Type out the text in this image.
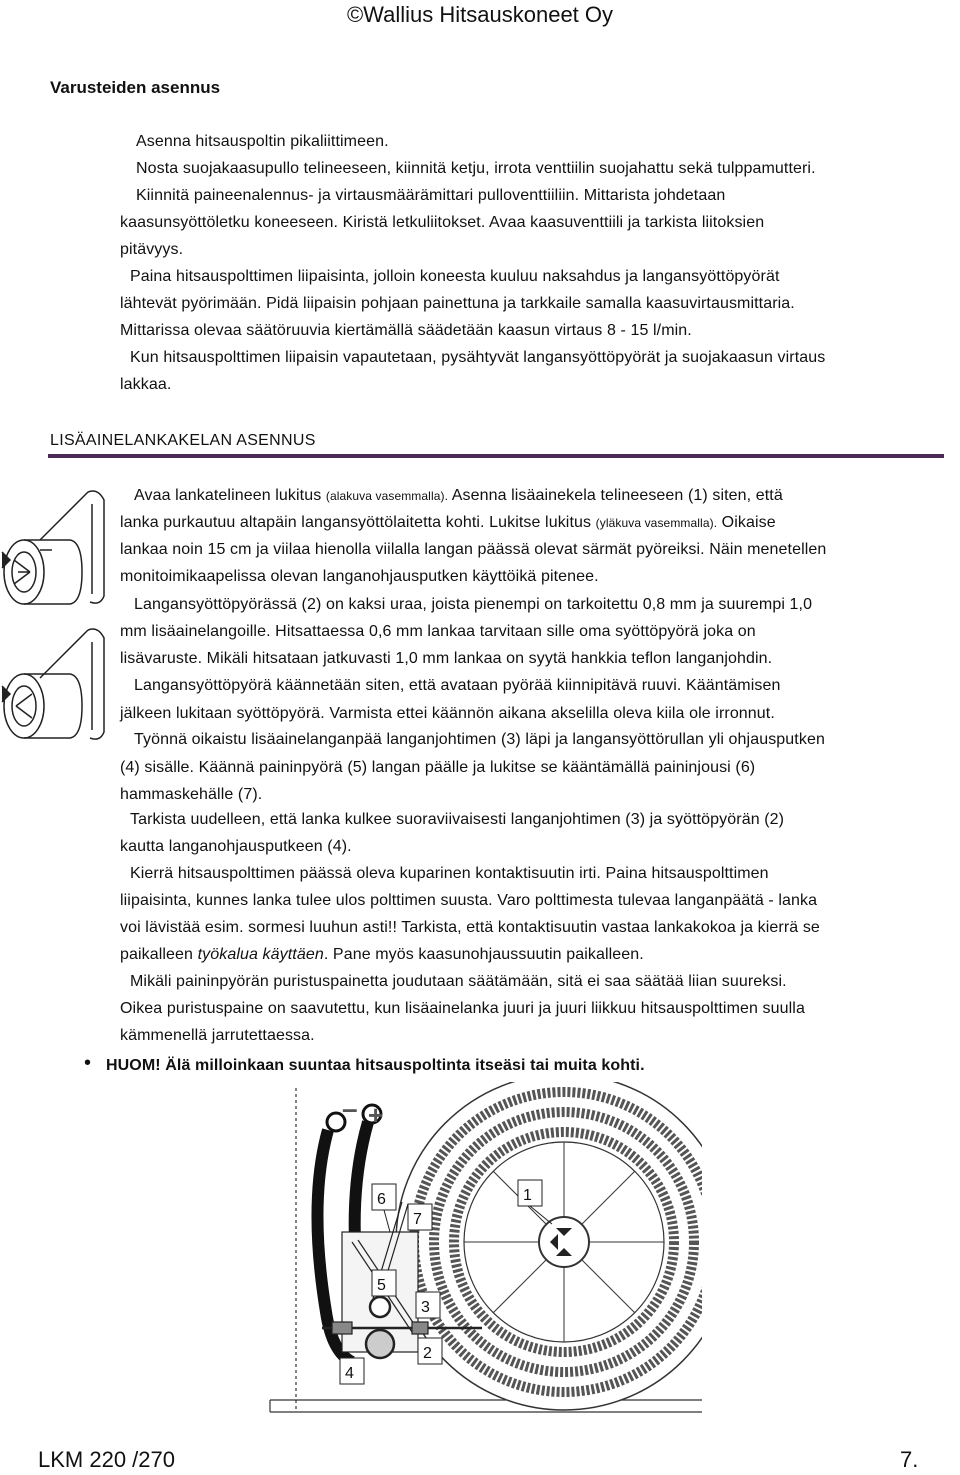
©Wallius Hitsauskoneet Oy
Varusteiden asennus
Asenna hitsauspoltin pikaliittimeen.
Nosta suojakaasupullo telineeseen, kiinnitä ketju, irrota venttiilin suojahattu sekä tulppamutteri.
Kiinnitä paineenalennus- ja virtausmäärämittari pulloventtiiliin. Mittarista johdetaan
kaasunsyöttöletku koneeseen. Kiristä letkuliitokset. Avaa kaasuventtiili ja tarkista liitoksien
pitävyys.
Paina hitsauspolttimen liipaisinta, jolloin koneesta kuuluu naksahdus ja langansyöttöpyörät
lähtevät pyörimään. Pidä liipaisin pohjaan painettuna ja tarkkaile samalla kaasuvirtausmittaria.
Mittarissa olevaa säätöruuvia kiertämällä säädetään kaasun virtaus 8 - 15 l/min.
Kun hitsauspolttimen liipaisin vapautetaan, pysähtyvät langansyöttöpyörät ja suojakaasun virtaus
lakkaa.
LISÄAINELANKAKELAN ASENNUS
Avaa lankatelineen lukitus (alakuva vasemmalla). Asenna lisäainekela telineeseen (1) siten, että
lanka purkautuu altapäin langansyöttölaitetta kohti. Lukitse lukitus (yläkuva vasemmalla). Oikaise
lankaa noin 15 cm ja viilaa hienolla viilalla langan päässä olevat särmät pyöreiksi. Näin menetellen
monitoimikaapelissa olevan langanohjausputken käyttöikä pitenee.
Langansyöttöpyörässä (2) on kaksi uraa, joista pienempi on tarkoitettu 0,8 mm ja suurempi 1,0
mm lisäainelangoille. Hitsattaessa 0,6 mm lankaa tarvitaan sille oma syöttöpyörä joka on
lisävaruste. Mikäli hitsataan jatkuvasti 1,0 mm lankaa on syytä hankkia teflon langanjohdin.
Langansyöttöpyörä käännetään siten, että avataan pyörää kiinnipitävä ruuvi. Kääntämisen
jälkeen lukitaan syöttöpyörä. Varmista ettei käännön aikana akselilla oleva kiila ole irronnut.
Työnnä oikaistu lisäainelanganpää langanjohtimen (3) läpi ja langansyöttörullan yli ohjausputken
(4) sisälle. Käännä paininpyörä (5) langan päälle ja lukitse se kääntämällä paininjousi (6)
hammaskehälle (7).
Tarkista uudelleen, että lanka kulkee suoraviivaisesti langanjohtimen (3) ja syöttöpyörän (2)
kautta langanohjausputkeen (4).
Kierrä hitsauspolttimen päässä oleva kuparinen kontaktisuutin irti. Paina hitsauspolttimen
liipaisinta, kunnes lanka tulee ulos polttimen suusta. Varo polttimesta tulevaa langanpäätä - lanka
voi lävistää esim. sormesi luuhun asti!! Tarkista, että kontaktisuutin vastaa lankakokoa ja kierrä se
paikalleen työkalua käyttäen. Pane myös kaasunohjaussuutin paikalleen.
Mikäli paininpyörän puristuspainetta joudutaan säätämään, sitä ei saa säätää liian suureksi.
Oikea puristuspaine on saavutettu, kun lisäainelanka juuri ja juuri liikkuu hitsauspolttimen suulla
kämmenellä jarrutettaessa.
• HUOM! Älä milloinkaan suuntaa hitsauspoltinta itseäsi tai muita kohti.
– +
6
7
1
5
3
2
4
LKM 220 /270	7.
